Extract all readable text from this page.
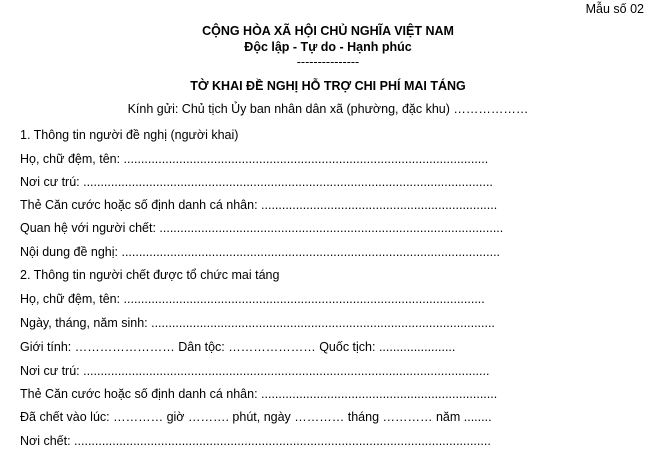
Mẫu số 02
CỘNG HÒA XÃ HỘI CHỦ NGHĨA VIỆT NAM
Độc lập - Tự do - Hạnh phúc
---------------
TỜ KHAI ĐỀ NGHỊ HỖ TRỢ CHI PHÍ MAI TÁNG
Kính gửi: Chủ tịch Ủy ban nhân dân xã (phường, đặc khu) ………………
1. Thông tin người đề nghị (người khai)
Họ, chữ đệm, tên: .........................................................................................................
Nơi cư trú: ......................................................................................................................
Thẻ Căn cước hoặc số định danh cá nhân: ....................................................................
Quan hệ với người chết: ...................................................................................................
Nội dung đề nghị: .............................................................................................................
2. Thông tin người chết được tổ chức mai táng
Họ, chữ đệm, tên: ........................................................................................................
Ngày, tháng, năm sinh: ...................................................................................................
Giới tính: …………………… Dân tộc: ………………… Quốc tịch: ......................
Nơi cư trú: .....................................................................................................................
Thẻ Căn cước hoặc số định danh cá nhân: ....................................................................
Đã chết vào lúc: ………… giờ ………. phút, ngày ………… tháng ………… năm ........
Nơi chết: ........................................................................................................................
